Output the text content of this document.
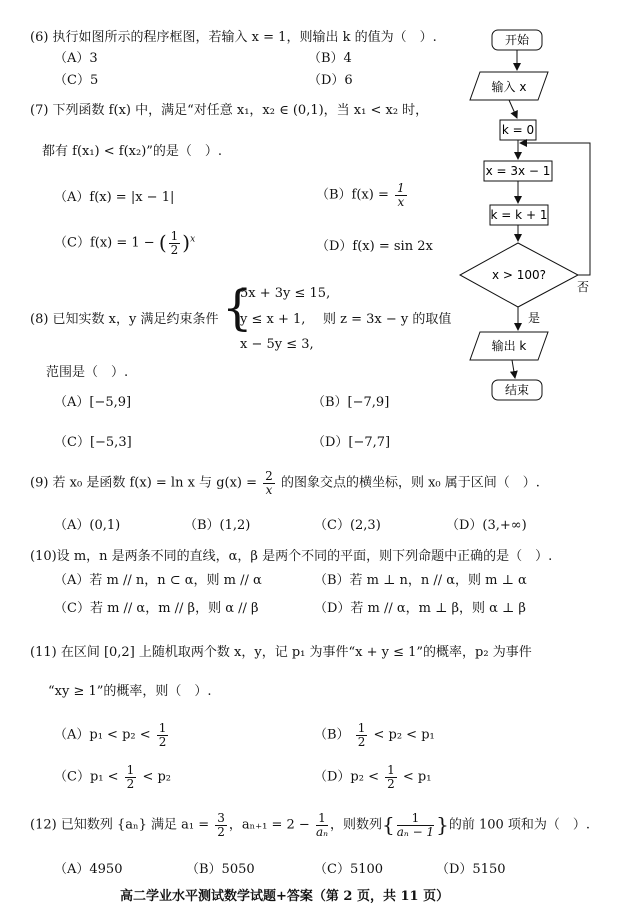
(6) 执行如图所示的程序框图，若输入 x = 1，则输出 k 的值为（　）.
（A）3	（B）4
（C）5	（D）6
(7) 下列函数 f(x) 中，满足“对任意 x₁，x₂ ∈ (0,1)，当 x₁ < x₂ 时，
都有 f(x₁) < f(x₂)”的是（　）.
（A）f(x) = |x − 1|	$(B)f(x) = \frac{1}{x}$
（C）f(x) = 1 − ( $\frac{1}{2} )^x$	（D）f(x) = sin 2x
(8) 已知实数 x，y 满足约束条件 {
5x + 3y ≤ 15,
y ≤ x + 1,
x − 5y ≤ 3,
则 z = 3x − y 的取值
范围是（　）.
（A）[−5,9]	（B）[−7,9]
（C）[−5,3]	（D）[−7,7]
(9) 若 x₀ 是函数 f(x) = ln x 与 $g(x) = \frac{2}{x}$ 的图象交点的横坐标，则 x₀ 属于区间（　）.
（A）(0,1)	（B）(1,2)	（C）(2,3)	（D）(3,+∞)
(10)设 m，n 是两条不同的直线，α，β 是两个不同的平面，则下列命题中正确的是（　）.
（A）若 m // n，n ⊂ α，则 m // α	（B）若 m ⊥ n，n // α，则 m ⊥ α
（C）若 m // α，m // β，则 α // β	（D）若 m // α，m ⊥ β，则 α ⊥ β
(11) 在区间 [0,2] 上随机取两个数 x，y，记 p₁ 为事件“x + y ≤ 1”的概率，p₂ 为事件
“xy ≥ 1”的概率，则（　）.
$(A)p_1 < p_2 < \frac{1}{2}$	$(B) \frac{1}{2} < p_2 < p_1$
$(C)p_1 < \frac{1}{2} < p_2$	$(D)p_2 < \frac{1}{2} < p_1$
(12) 已知数列 {aₙ} 满足 $a_1 = \frac{3}{2}$ ，$a_{n+1} = 2 - \frac{1}{\text{aₙ}}$ ，则数列{ $\frac{1}{\text{aₙ − 1}}$ }的前 100 项和为（　）.
（A）4950	（B）5050	（C）5100	（D）5150
高二学业水平测试数学试题+答案（第 2 页，共 11 页）
开始
输入 x
k = 0
x = 3x − 1
k = k + 1
x > 100?
否
是
输出 k
结束
